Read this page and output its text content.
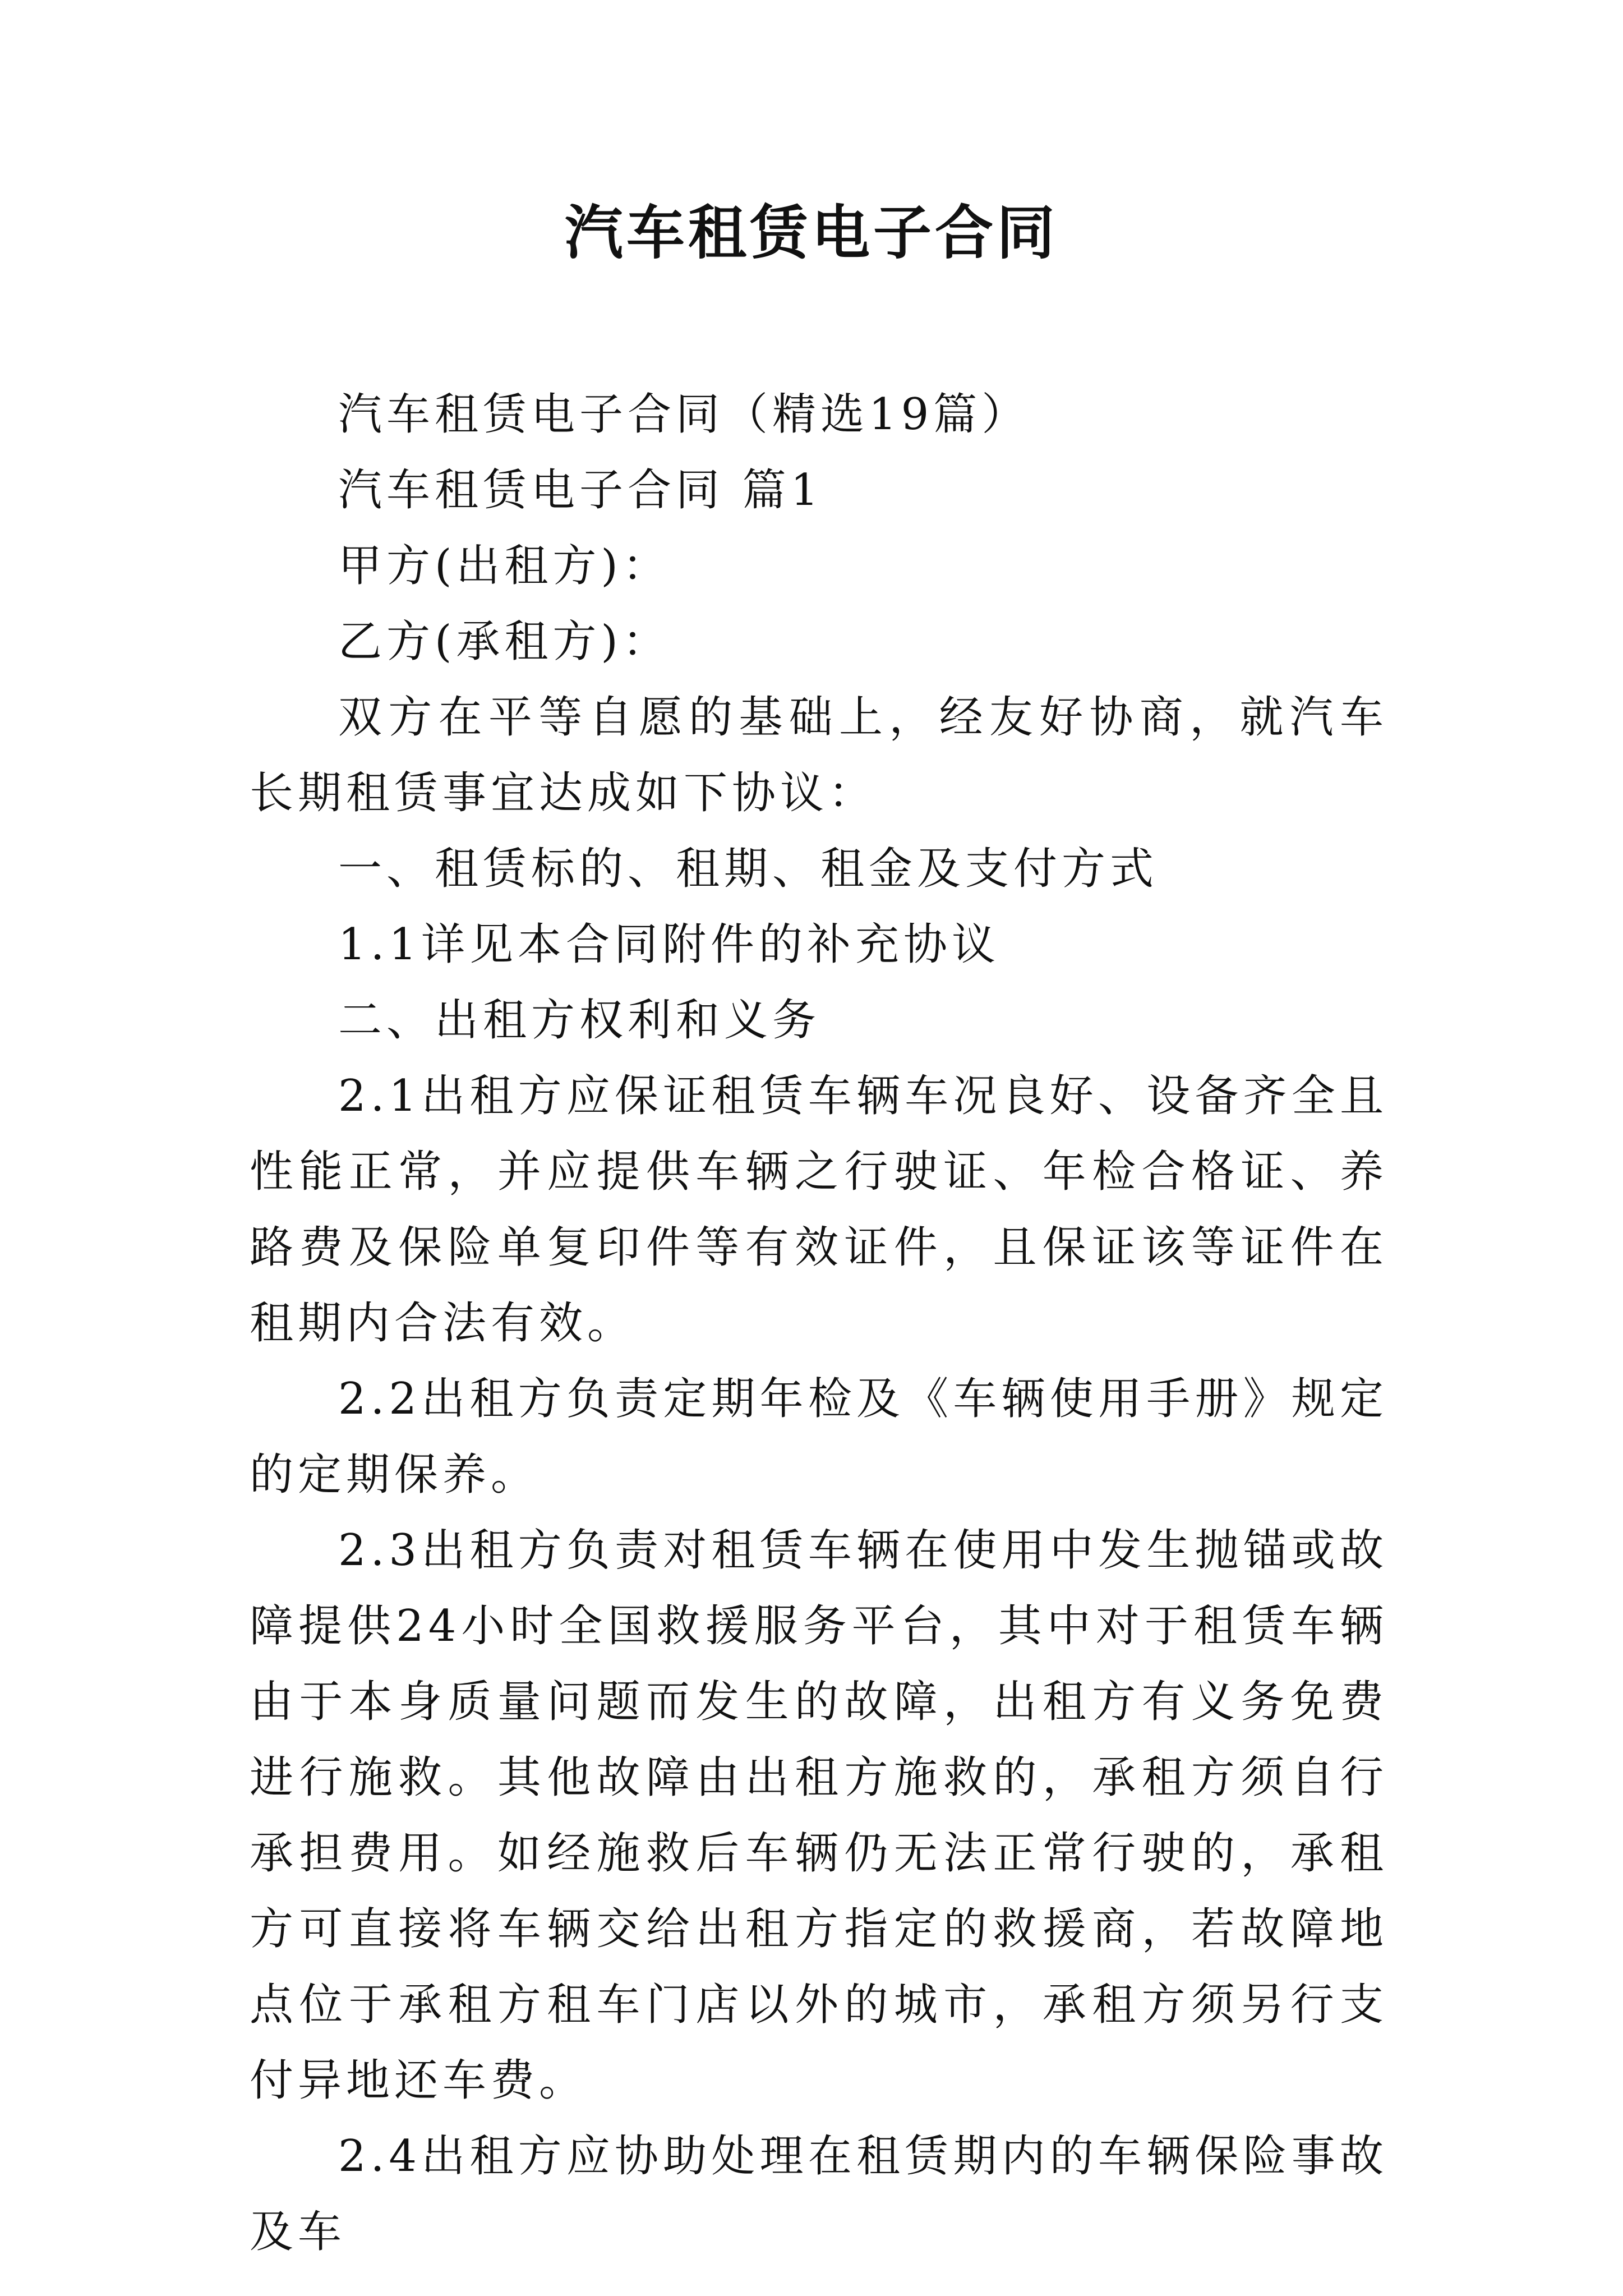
汽车租赁电子合同

汽车租赁电子合同（精选19篇）

汽车租赁电子合同 篇1

甲方(出租方)：

乙方(承租方)：

双方在平等自愿的基础上，经友好协商，就汽车长期租赁事宜达成如下协议：

一、租赁标的、租期、租金及支付方式

1.1详见本合同附件的补充协议

二、出租方权利和义务

2.1出租方应保证租赁车辆车况良好、设备齐全且性能正常，并应提供车辆之行驶证、年检合格证、养路费及保险单复印件等有效证件，且保证该等证件在租期内合法有效。

2.2出租方负责定期年检及《车辆使用手册》规定的定期保养。

2.3出租方负责对租赁车辆在使用中发生抛锚或故障提供24小时全国救援服务平台，其中对于租赁车辆由于本身质量问题而发生的故障，出租方有义务免费进行施救。其他故障由出租方施救的，承租方须自行承担费用。如经施救后车辆仍无法正常行驶的，承租方可直接将车辆交给出租方指定的救援商，若故障地点位于承租方租车门店以外的城市，承租方须另行支付异地还车费。

2.4出租方应协助处理在租赁期内的车辆保险事故及车
